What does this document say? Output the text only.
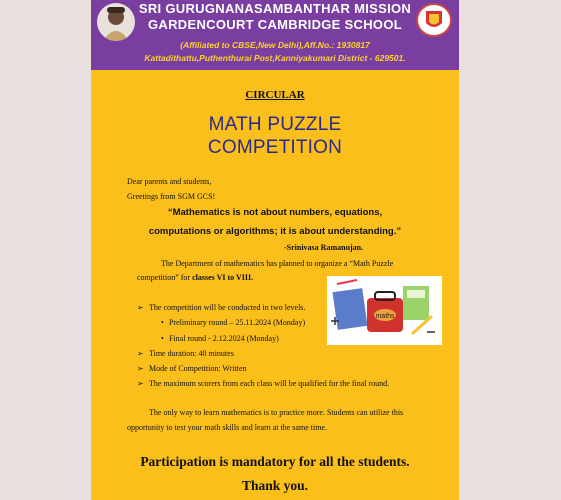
SRI GURUGNANASAMBANTHAR MISSION
GARDENCOURT CAMBRIDGE SCHOOL
(Affiliated to CBSE,New Delhi),Aff.No.: 1930817
Kattadithattu,Puthenthurai Post,Kanniyakumari District - 629501.
CIRCULAR
MATH PUZZLE
COMPETITION
Dear parents and students,
Greetings from SGM GCS!
“Mathematics is not about numbers, equations,
computations or algorithms; it is about understanding.”
-Srinivasa Ramanujan.
The Department of mathematics has planned to organize a “Math Puzzle
competition” for classes VI to VIII.
maths
➢ The competition will be conducted in two levels.
• Preliminary round – 25.11.2024 (Monday)
• Final round - 2.12.2024 (Monday)
➢ Time duration: 40 minutes
➢ Mode of Competition: Written
➢ The maximum scorers from each class will be qualified for the final round.
The only way to learn mathematics is to practice more. Students can utilize this
opportunity to test your math skills and learn at the same time.
Participation is mandatory for all the students.
Thank you.
